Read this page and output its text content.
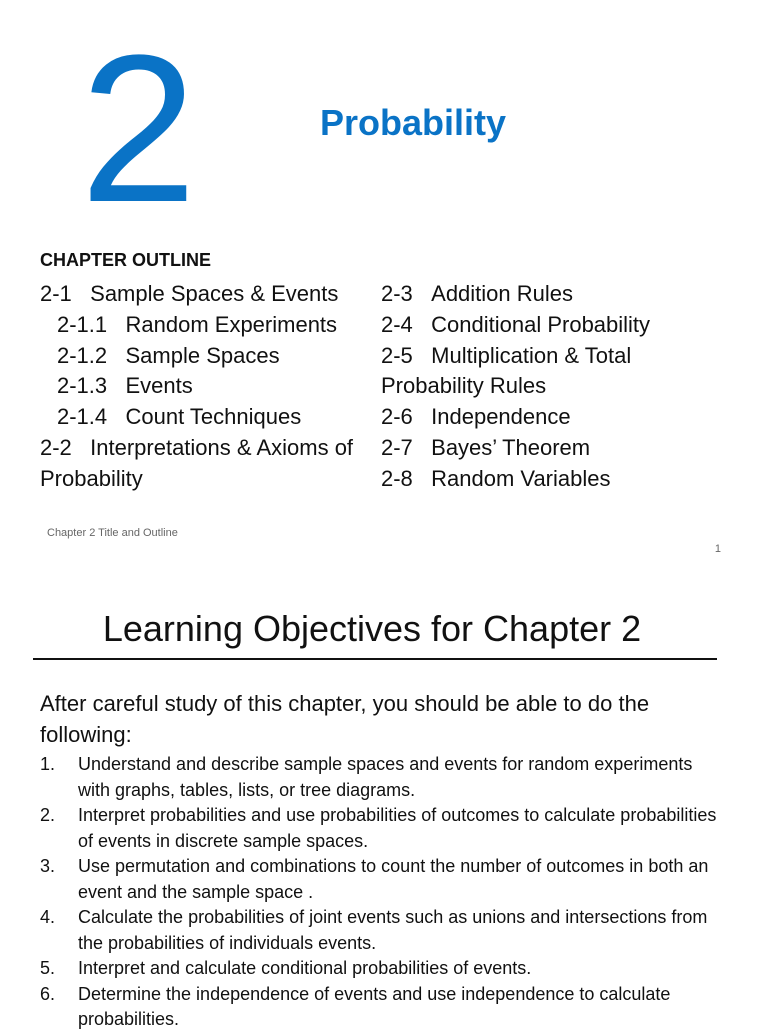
2	Probability
CHAPTER OUTLINE
2-1 Sample Spaces & Events
2-1.1 Random Experiments
2-1.2 Sample Spaces
2-1.3 Events
2-1.4 Count Techniques
2-2 Interpretations & Axioms of Probability
2-3 Addition Rules
2-4 Conditional Probability
2-5 Multiplication & Total Probability Rules
2-6 Independence
2-7 Bayes’ Theorem
2-8 Random Variables
Chapter 2 Title and Outline
1
Learning Objectives for Chapter 2
After careful study of this chapter, you should be able to do the following:
1. Understand and describe sample spaces and events for random experiments with graphs, tables, lists, or tree diagrams.
2. Interpret probabilities and use probabilities of outcomes to calculate probabilities of events in discrete sample spaces.
3. Use permutation and combinations to count the number of outcomes in both an event and the sample space .
4. Calculate the probabilities of joint events such as unions and intersections from the probabilities of individuals events.
5. Interpret and calculate conditional probabilities of events.
6. Determine the independence of events and use independence to calculate probabilities.
